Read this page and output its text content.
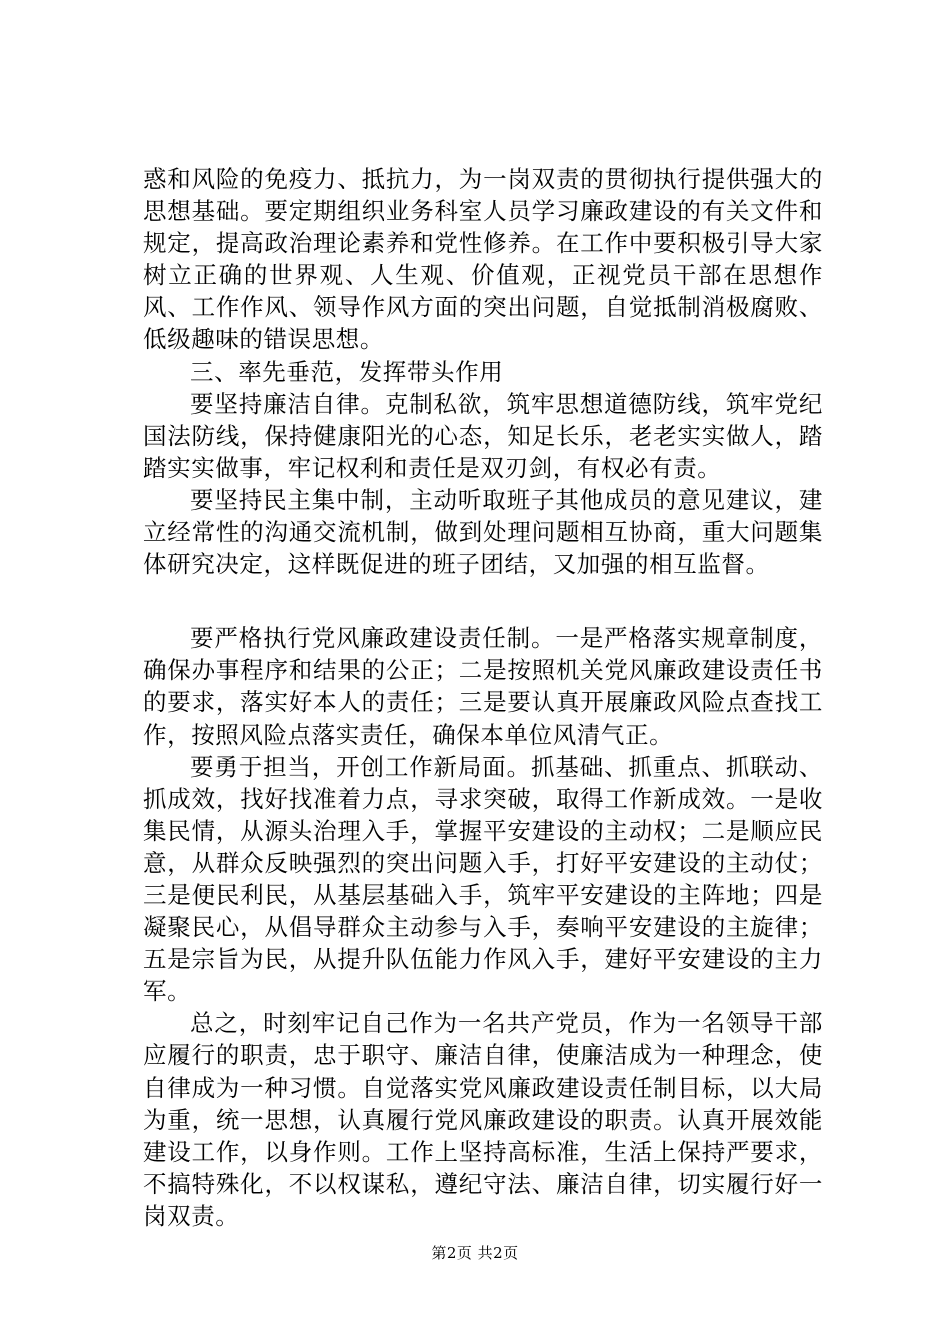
惑和风险的免疫力、抵抗力，为一岗双责的贯彻执行提供强大的思想基础。要定期组织业务科室人员学习廉政建设的有关文件和规定，提高政治理论素养和党性修养。在工作中要积极引导大家树立正确的世界观、人生观、价值观，正视党员干部在思想作风、工作作风、领导作风方面的突出问题，自觉抵制消极腐败、低级趣味的错误思想。

三、率先垂范，发挥带头作用

要坚持廉洁自律。克制私欲，筑牢思想道德防线，筑牢党纪国法防线，保持健康阳光的心态，知足长乐，老老实实做人，踏踏实实做事，牢记权利和责任是双刃剑，有权必有责。

要坚持民主集中制，主动听取班子其他成员的意见建议，建立经常性的沟通交流机制，做到处理问题相互协商，重大问题集体研究决定，这样既促进的班子团结，又加强的相互监督。

要严格执行党风廉政建设责任制。一是严格落实规章制度，确保办事程序和结果的公正；二是按照机关党风廉政建设责任书的要求，落实好本人的责任；三是要认真开展廉政风险点查找工作，按照风险点落实责任，确保本单位风清气正。

要勇于担当，开创工作新局面。抓基础、抓重点、抓联动、抓成效，找好找准着力点，寻求突破，取得工作新成效。一是收集民情，从源头治理入手，掌握平安建设的主动权；二是顺应民意，从群众反映强烈的突出问题入手，打好平安建设的主动仗；三是便民利民，从基层基础入手，筑牢平安建设的主阵地；四是凝聚民心，从倡导群众主动参与入手，奏响平安建设的主旋律；五是宗旨为民，从提升队伍能力作风入手，建好平安建设的主力军。

总之，时刻牢记自己作为一名共产党员，作为一名领导干部应履行的职责，忠于职守、廉洁自律，使廉洁成为一种理念，使自律成为一种习惯。自觉落实党风廉政建设责任制目标，以大局为重，统一思想，认真履行党风廉政建设的职责。认真开展效能建设工作，以身作则。工作上坚持高标准，生活上保持严要求，不搞特殊化，不以权谋私，遵纪守法、廉洁自律，切实履行好一岗双责。

第2页 共2页
